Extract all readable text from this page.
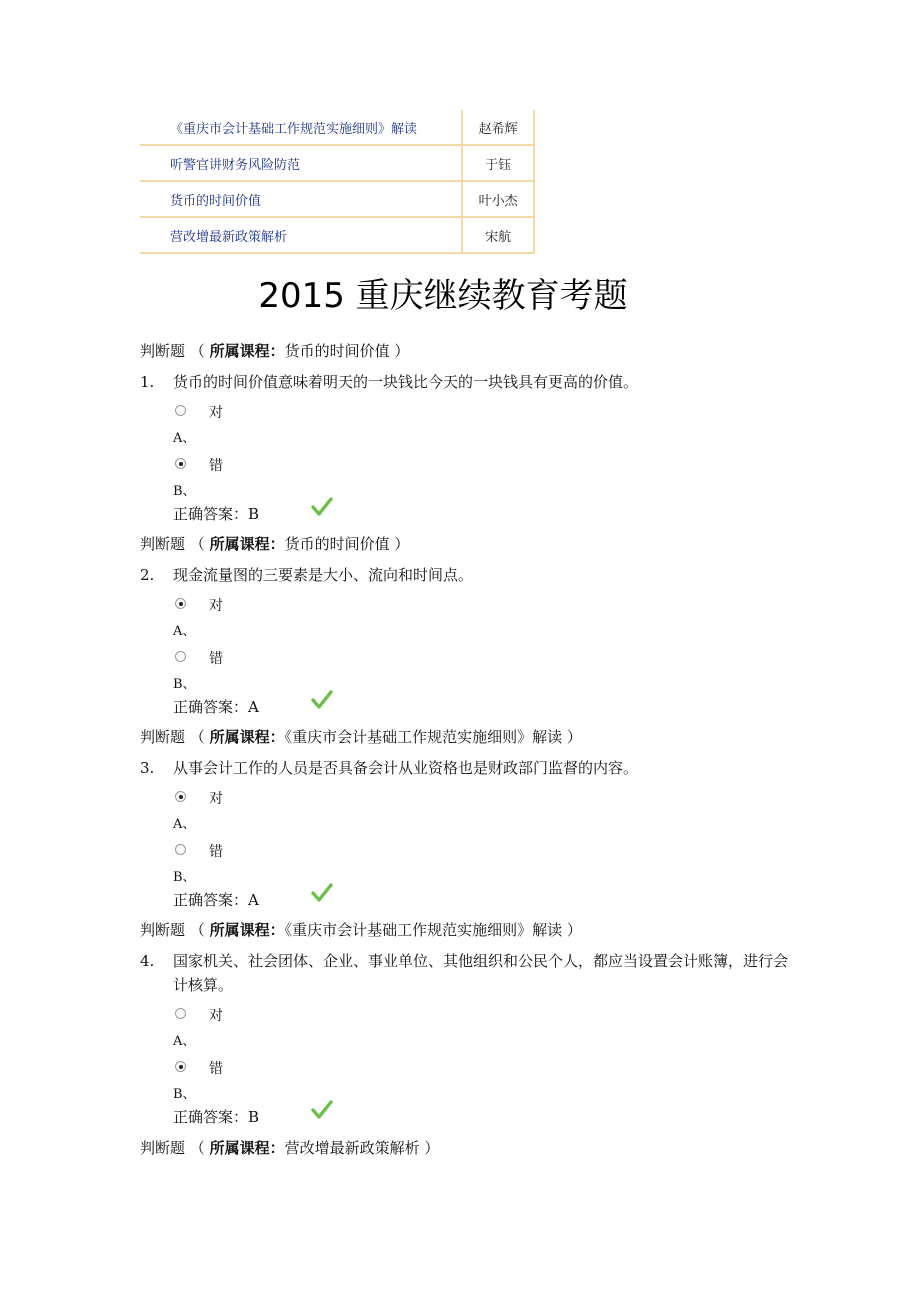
《重庆市会计基础工作规范实施细则》解读	赵希辉
听警官讲财务风险防范	于钰
货币的时间价值	叶小杰
营改增最新政策解析	宋航
2015 重庆继续教育考题
判断题 （ 所属课程：货币的时间价值 ）
1. 货币的时间价值意味着明天的一块钱比今天的一块钱具有更高的价值。
对
A、
错
B、
正确答案：B
判断题 （ 所属课程：货币的时间价值 ）
2. 现金流量图的三要素是大小、流向和时间点。
对
A、
错
B、
正确答案：A
判断题 （ 所属课程：《重庆市会计基础工作规范实施细则》解读 ）
3. 从事会计工作的人员是否具备会计从业资格也是财政部门监督的内容。
对
A、
错
B、
正确答案：A
判断题 （ 所属课程：《重庆市会计基础工作规范实施细则》解读 ）
4. 国家机关、社会团体、企业、事业单位、其他组织和公民个人，都应当设置会计账簿，进行会计核算。
对
A、
错
B、
正确答案：B
判断题 （ 所属课程：营改增最新政策解析 ）
